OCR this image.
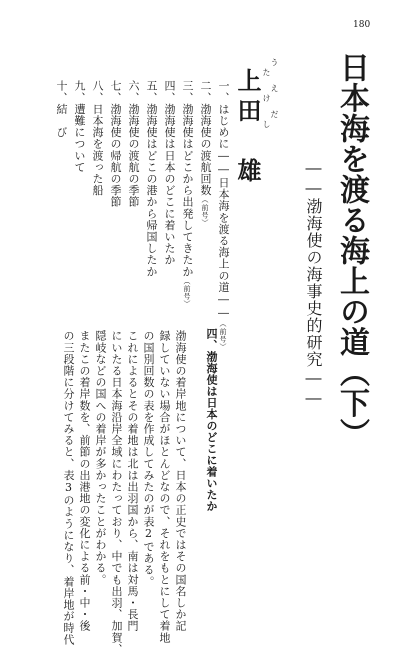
180
日本海を渡る海上の道（下）
――渤海使の海事史的研究――
うえだ
たけし
上田　雄
一、はじめに――日本海を渡る海上の道――（前号）
二、渤海使の渡航回数（前号）
三、渤海使はどこから出発してきたか（前号）
四、渤海使は日本のどこに着いたか
五、渤海使はどこの港から帰国したか
六、渤海使の渡航の季節
七、渤海使の帰航の季節
八、日本海を渡った船
九、遭難について
十、結　び
四、渤海使は日本のどこに着いたか
渤海使の着岸地について、日本の正史ではその国名しか記
録していない場合がほとんどなので、それをもとにして着地
の国別回数の表を作成してみたのが表2である。
これによるとその着地は北は出羽国から、南は対馬・長門
にいたる日本海沿岸全域にわたっており、中でも出羽、加賀、
隠岐などの国への着岸が多かったことがわかる。
またこの着岸数を、前節の出港地の変化による前・中・後
の三段階に分けてみると、表3のようになり、着岸地が時代
